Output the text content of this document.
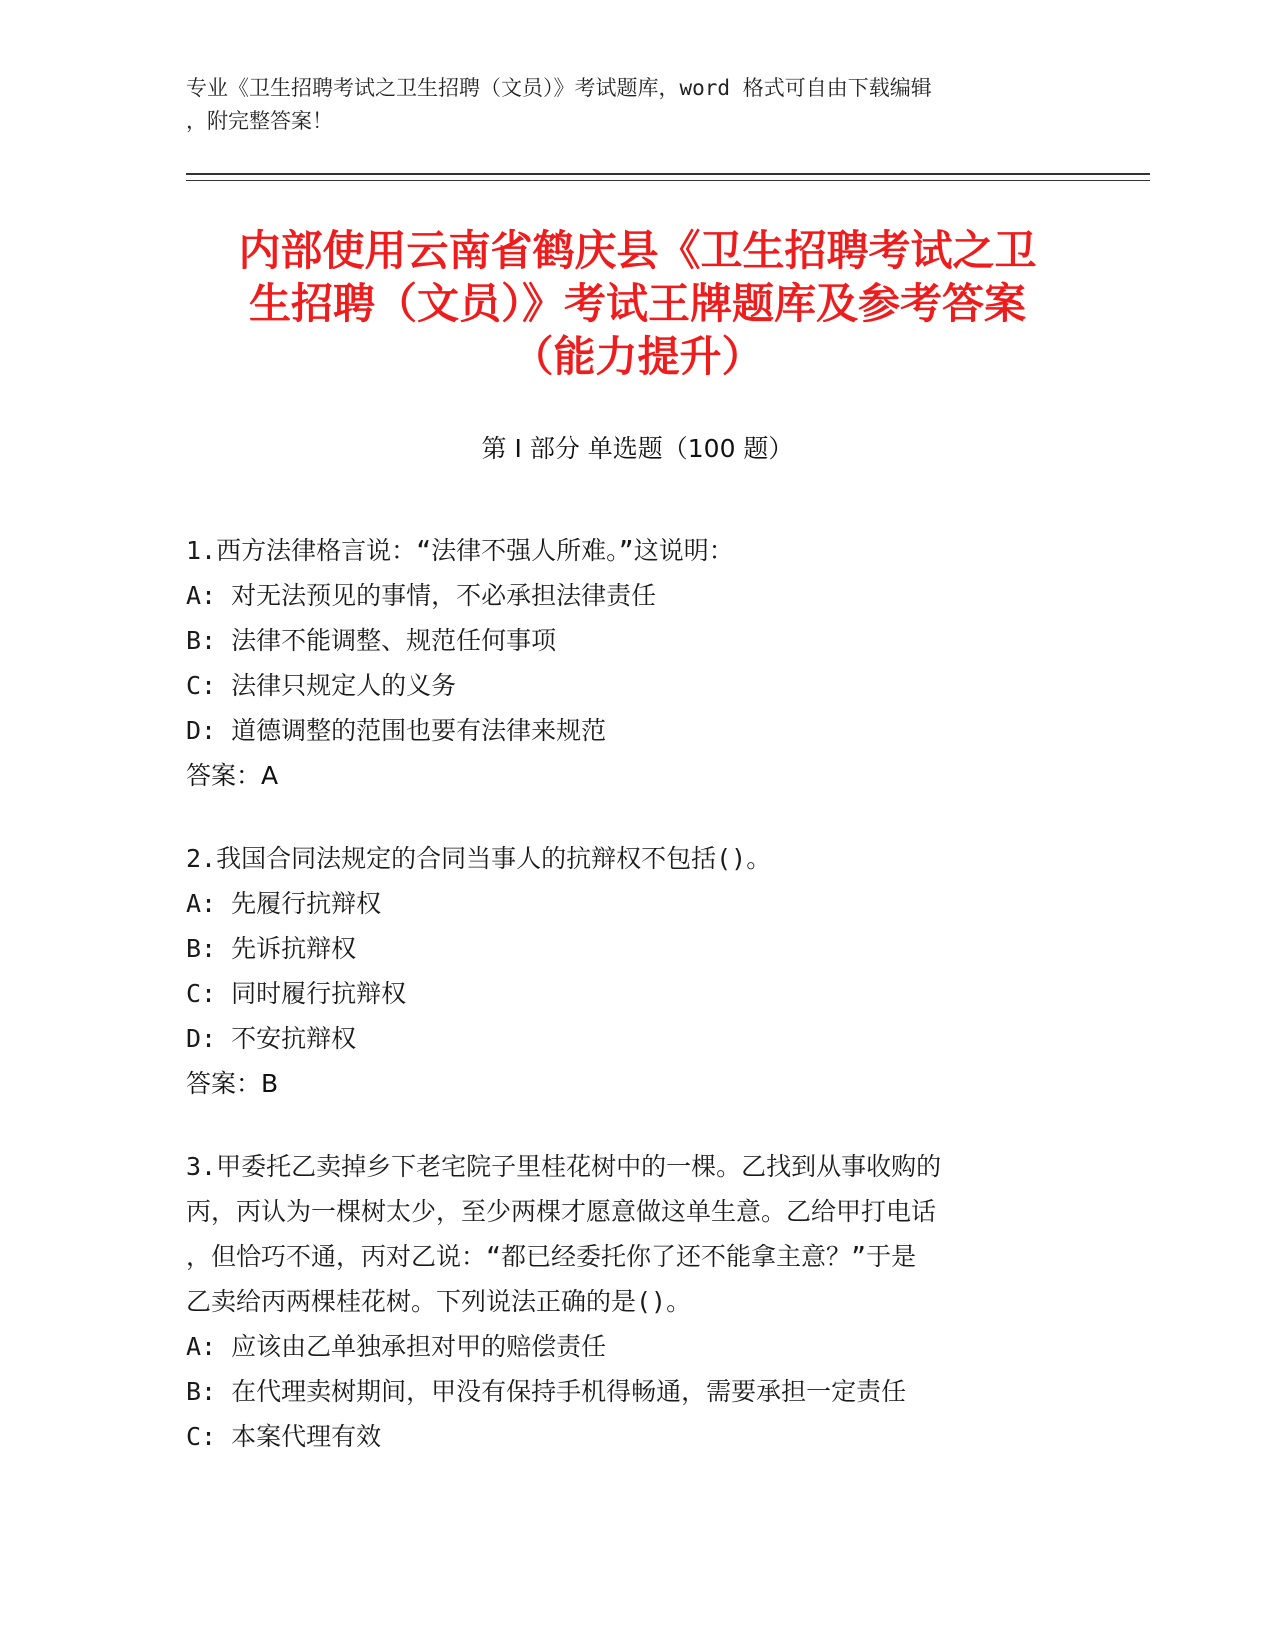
专业《卫生招聘考试之卫生招聘（文员）》考试题库，word 格式可自由下载编辑
，附完整答案！
内部使用云南省鹤庆县《卫生招聘考试之卫
生招聘（文员）》考试王牌题库及参考答案
（能力提升）
第 I 部分 单选题（100 题）
1.西方法律格言说：“法律不强人所难。”这说明：
A: 对无法预见的事情，不必承担法律责任
B: 法律不能调整、规范任何事项
C: 法律只规定人的义务
D: 道德调整的范围也要有法律来规范
答案：A
2.我国合同法规定的合同当事人的抗辩权不包括()。
A: 先履行抗辩权
B: 先诉抗辩权
C: 同时履行抗辩权
D: 不安抗辩权
答案：B
3.甲委托乙卖掉乡下老宅院子里桂花树中的一棵。乙找到从事收购的
丙，丙认为一棵树太少，至少两棵才愿意做这单生意。乙给甲打电话
，但恰巧不通，丙对乙说：“都已经委托你了还不能拿主意？”于是
乙卖给丙两棵桂花树。下列说法正确的是()。
A: 应该由乙单独承担对甲的赔偿责任
B: 在代理卖树期间，甲没有保持手机得畅通，需要承担一定责任
C: 本案代理有效
